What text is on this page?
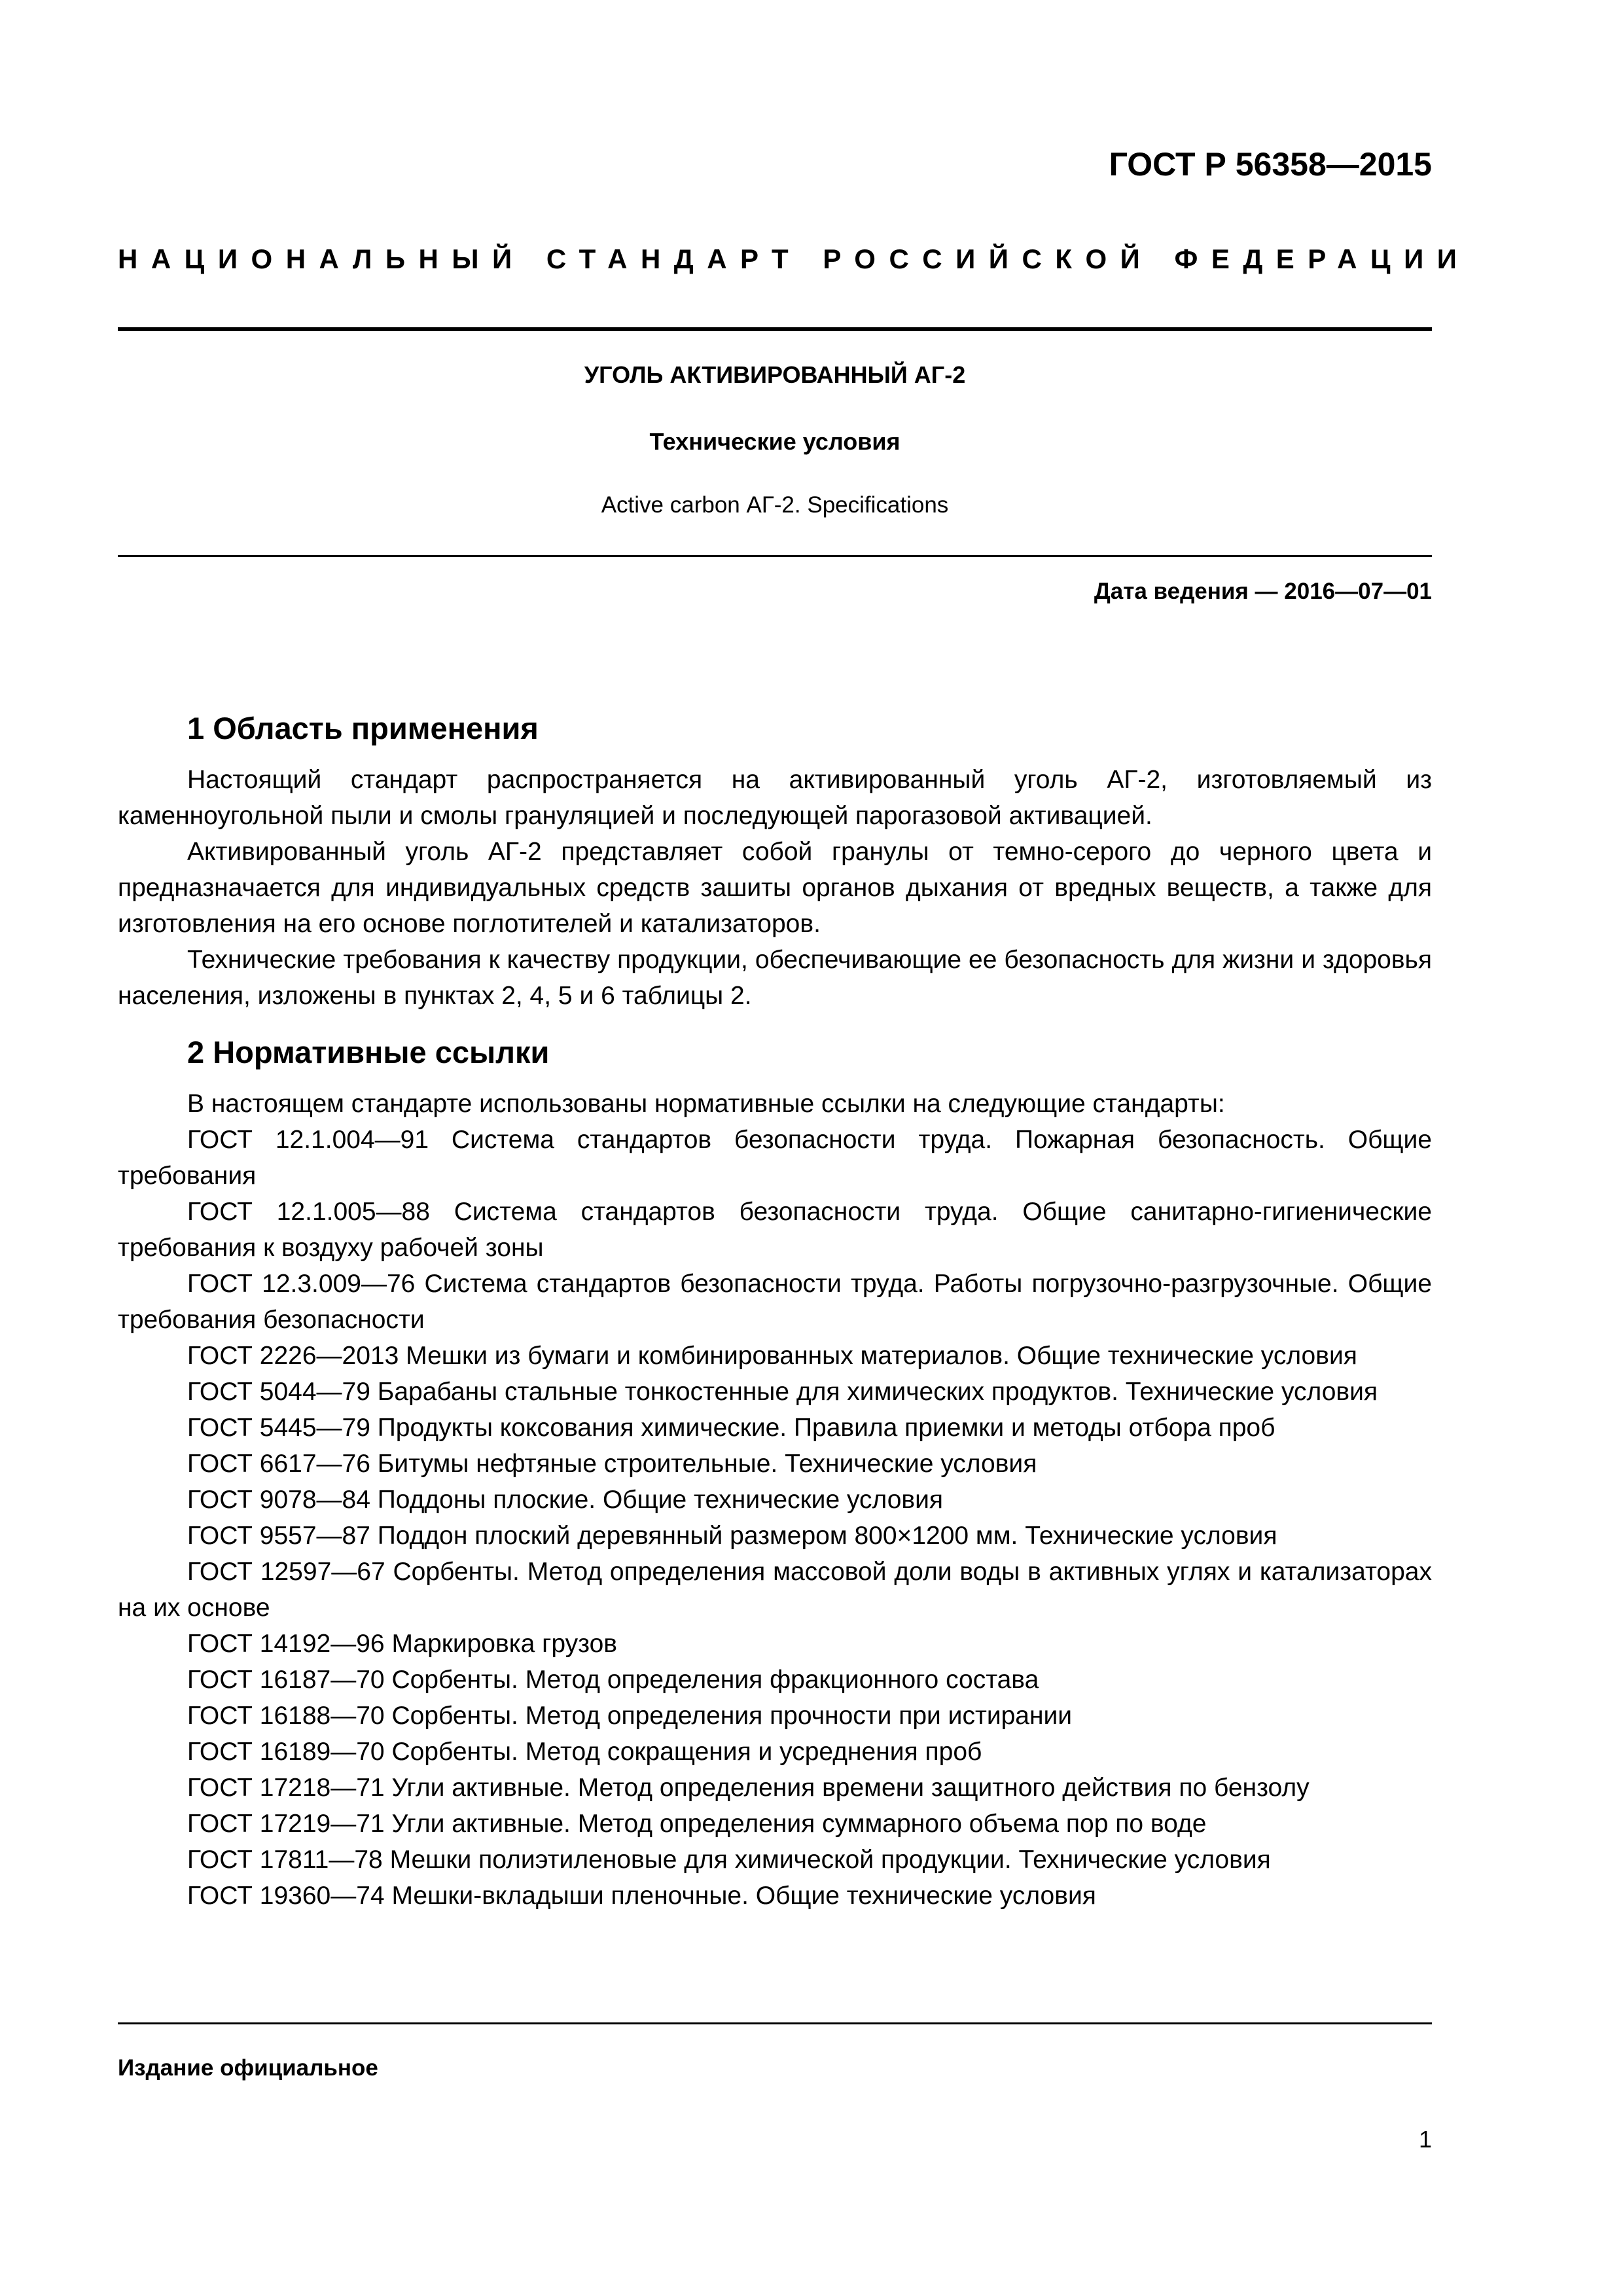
ГОСТ Р 56358—2015
НАЦИОНАЛЬНЫЙ СТАНДАРТ РОССИЙСКОЙ ФЕДЕРАЦИИ
УГОЛЬ АКТИВИРОВАННЫЙ АГ-2
Технические условия
Active carbon АГ-2. Specifications
Дата ведения — 2016—07—01
1 Область применения

Настоящий стандарт распространяется на активированный уголь АГ-2, изготовляемый из каменноугольной пыли и смолы грануляцией и последующей парогазовой активацией.

Активированный уголь АГ-2 представляет собой гранулы от темно-серого до черного цвета и предназначается для индивидуальных средств зашиты органов дыхания от вредных веществ, а также для изготовления на его основе поглотителей и катализаторов.

Технические требования к качеству продукции, обеспечивающие ее безопасность для жизни и здоровья населения, изложены в пунктах 2, 4, 5 и 6 таблицы 2.

2 Нормативные ссылки

В настоящем стандарте использованы нормативные ссылки на следующие стандарты:

ГОСТ 12.1.004—91 Система стандартов безопасности труда. Пожарная безопасность. Общие требования
ГОСТ 12.1.005—88 Система стандартов безопасности труда. Общие санитарно-гигиенические требования к воздуху рабочей зоны
ГОСТ 12.3.009—76 Система стандартов безопасности труда. Работы погрузочно-разгрузочные. Общие требования безопасности
ГОСТ 2226—2013 Мешки из бумаги и комбинированных материалов. Общие технические условия
ГОСТ 5044—79 Барабаны стальные тонкостенные для химических продуктов. Технические условия
ГОСТ 5445—79 Продукты коксования химические. Правила приемки и методы отбора проб
ГОСТ 6617—76 Битумы нефтяные строительные. Технические условия
ГОСТ 9078—84 Поддоны плоские. Общие технические условия
ГОСТ 9557—87 Поддон плоский деревянный размером 800×1200 мм. Технические условия
ГОСТ 12597—67 Сорбенты. Метод определения массовой доли воды в активных углях и катализаторах на их основе
ГОСТ 14192—96 Маркировка грузов
ГОСТ 16187—70 Сорбенты. Метод определения фракционного состава
ГОСТ 16188—70 Сорбенты. Метод определения прочности при истирании
ГОСТ 16189—70 Сорбенты. Метод сокращения и усреднения проб
ГОСТ 17218—71 Угли активные. Метод определения времени защитного действия по бензолу
ГОСТ 17219—71 Угли активные. Метод определения суммарного объема пор по воде
ГОСТ 17811—78 Мешки полиэтиленовые для химической продукции. Технические условия
ГОСТ 19360—74 Мешки-вкладыши пленочные. Общие технические условия
Издание официальное
1
